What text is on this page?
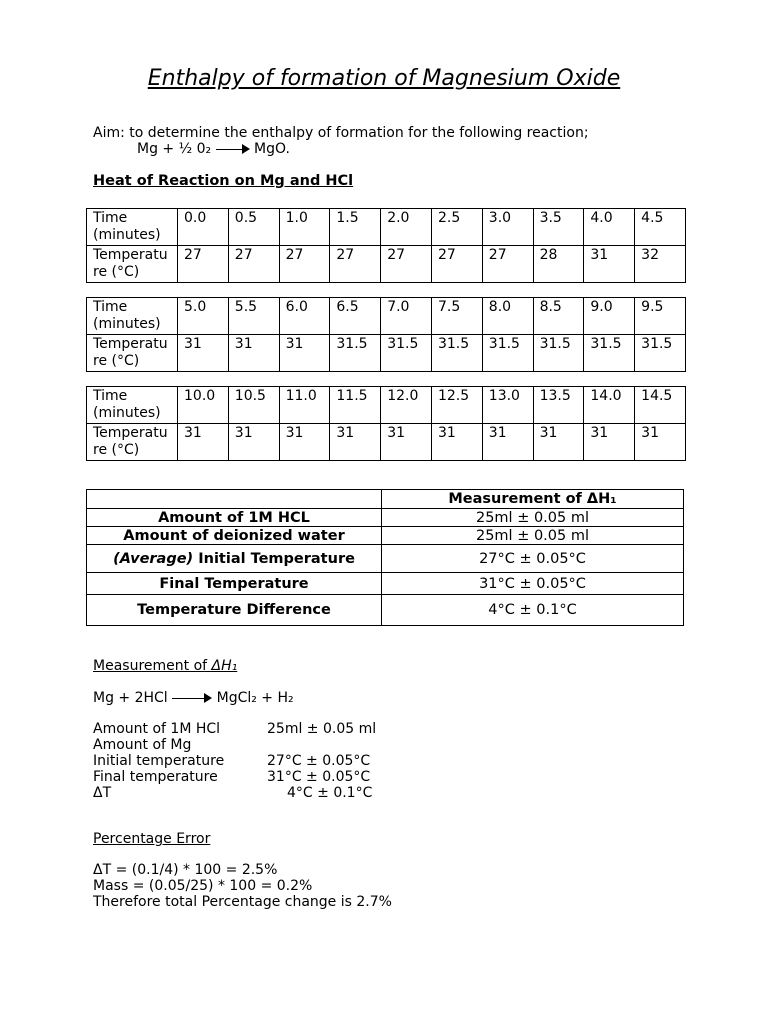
Enthalpy of formation of Magnesium Oxide
Aim: to determine the enthalpy of formation for the following reaction;
Mg + ½ 0₂	MgO.
Heat of Reaction on Mg and HCl
Time (minutes)	0.0	0.5	1.0	1.5	2.0	2.5	3.0	3.5	4.0	4.5
Temperature (°C)	27	27	27	27	27	27	27	28	31	32
Time (minutes)	5.0	5.5	6.0	6.5	7.0	7.5	8.0	8.5	9.0	9.5
Temperature (°C)	31	31	31	31.5	31.5	31.5	31.5	31.5	31.5	31.5
Time (minutes)	10.0	10.5	11.0	11.5	12.0	12.5	13.0	13.5	14.0	14.5
Temperature (°C)	31	31	31	31	31	31	31	31	31	31
	Measurement of ΔH₁
Amount of 1M HCL	25ml ± 0.05 ml
Amount of deionized water	25ml ± 0.05 ml
(Average) Initial Temperature	27°C ± 0.05°C
Final Temperature	31°C ± 0.05°C
Temperature Difference	4°C ± 0.1°C
Measurement of ΔH₁
Mg + 2HCl	MgCl₂ + H₂
Amount of 1M HCl	25ml ± 0.05 ml
Amount of Mg
Initial temperature	27°C ± 0.05°C
Final temperature	31°C ± 0.05°C
ΔT	4°C ± 0.1°C
Percentage Error
ΔT = (0.1/4) * 100 = 2.5%
Mass = (0.05/25) * 100 = 0.2%
Therefore total Percentage change is 2.7%
